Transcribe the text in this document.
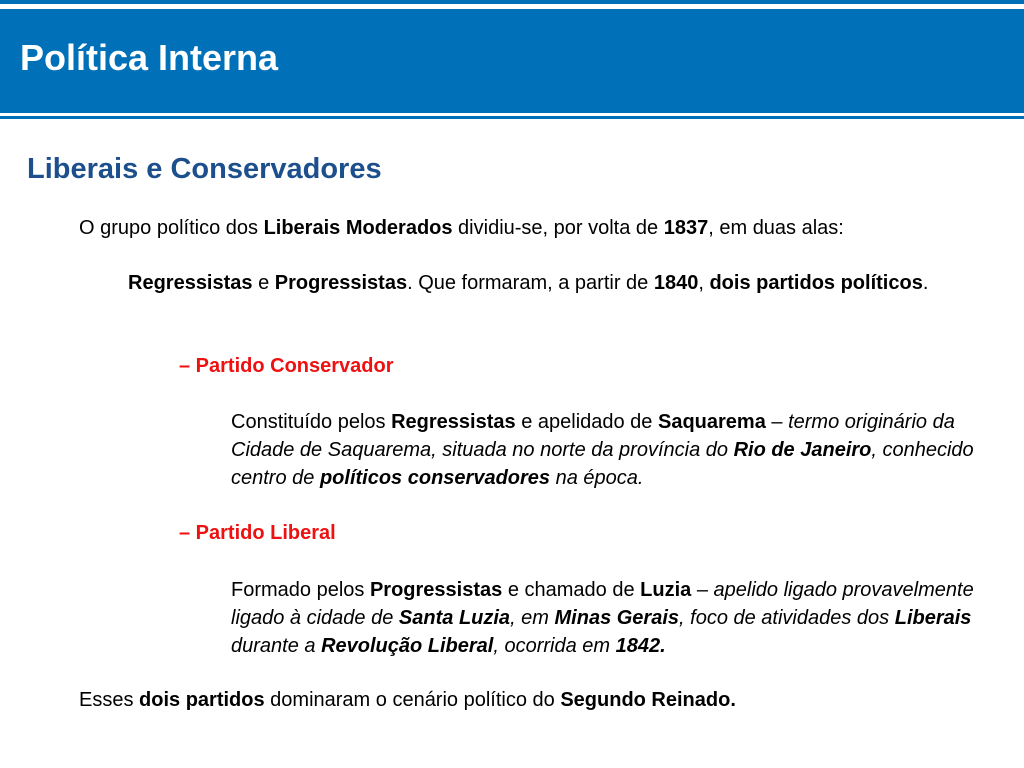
Política Interna
Liberais e Conservadores

O grupo político dos Liberais Moderados dividiu-se, por volta de 1837, em duas alas:

Regressistas e Progressistas. Que formaram, a partir de 1840, dois partidos políticos.

– Partido Conservador

Constituído pelos Regressistas e apelidado de Saquarema – termo originário da Cidade de Saquarema, situada no norte da província do Rio de Janeiro, conhecido centro de políticos conservadores na época.

– Partido Liberal

Formado pelos Progressistas e chamado de Luzia – apelido ligado provavelmente ligado à cidade de Santa Luzia, em Minas Gerais, foco de atividades dos Liberais durante a Revolução Liberal, ocorrida em 1842.

Esses dois partidos dominaram o cenário político do Segundo Reinado.
